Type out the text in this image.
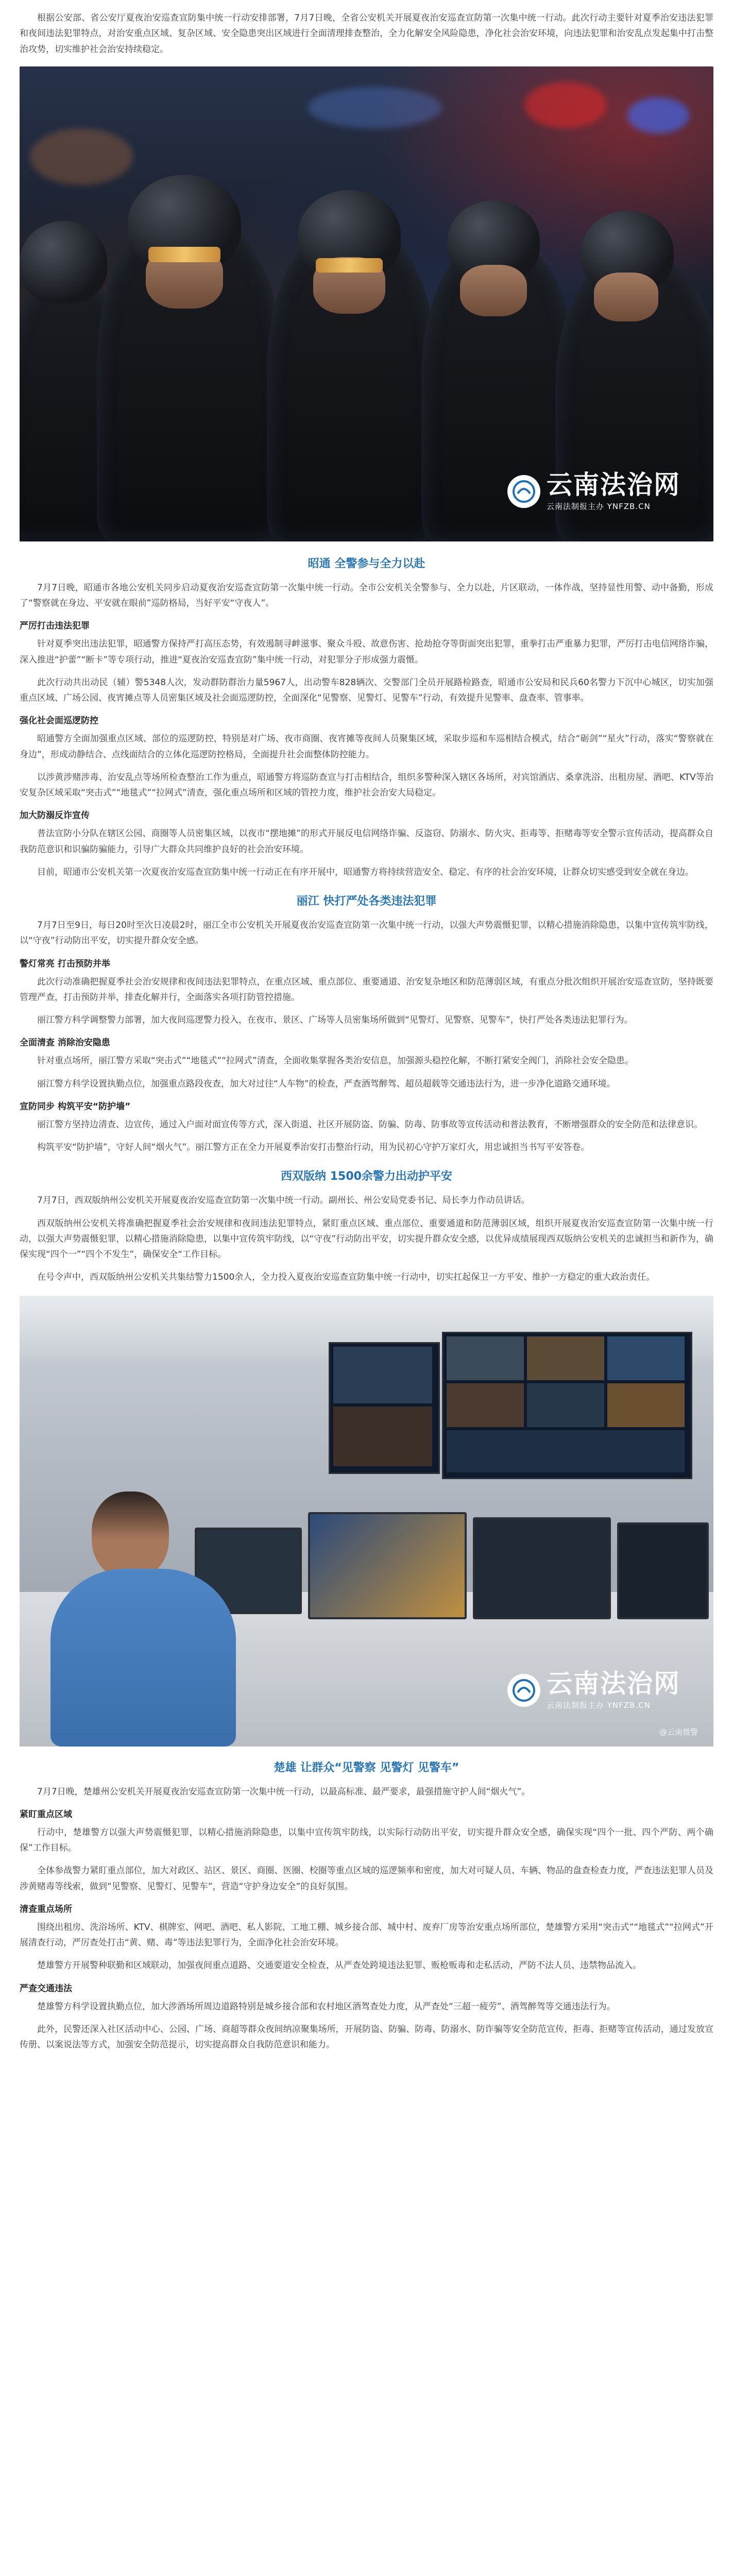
根据公安部、省公安厅夏夜治安巡查宣防集中统一行动安排部署，7月7日晚，全省公安机关开展夏夜治安巡查宣防第一次集中统一行动。此次行动主要针对夏季治安违法犯罪和夜间违法犯罪特点，对治安重点区域、复杂区域、安全隐患突出区域进行全面清理排查整治，全力化解安全风险隐患，净化社会治安环境，向违法犯罪和治安乱点发起集中打击整治攻势，切实维护社会治安持续稳定。

云南法治网
云南法制报主办 YNFZB.CN
昭通 全警参与全力以赴

7月7日晚，昭通市各地公安机关同步启动夏夜治安巡查宣防第一次集中统一行动。全市公安机关全警参与、全力以赴，片区联动，一体作战，坚持显性用警、动中备勤，形成了“警察就在身边、平安就在眼前”巡防格局，当好平安“守夜人”。

严厉打击违法犯罪

针对夏季突出违法犯罪，昭通警方保持严打高压态势，有效遏制寻衅滋事、聚众斗殴、故意伤害、抢劫抢夺等街面突出犯罪，重拳打击严重暴力犯罪，严厉打击电信网络诈骗，深入推进“护蕾”“断卡”等专项行动，推进“夏夜治安巡查宣防”集中统一行动，对犯罪分子形成强力震慑。

此次行动共出动民（辅）警5348人次，发动群防群治力量5967人，出动警车828辆次、交警部门全员开展路检路查，昭通市公安局和民兵60名警力下沉中心城区，切实加强重点区域、广场公园、夜宵摊点等人员密集区域及社会面巡逻防控，全面深化“见警察、见警灯、见警车”行动，有效提升见警率、盘查率、管事率。

强化社会面巡逻防控

昭通警方全面加强重点区域、部位的巡逻防控，特别是对广场、夜市商圈、夜宵摊等夜间人员聚集区域，采取步巡和车巡相结合模式，结合“砺剑”“星火”行动，落实“警察就在身边”，形成动静结合、点线面结合的立体化巡逻防控格局，全面提升社会面整体防控能力。

以涉黄涉赌涉毒、治安乱点等场所检查整治工作为重点，昭通警方将巡防查宣与打击相结合，组织多警种深入辖区各场所，对宾馆酒店、桑拿洗浴、出租房屋、酒吧、KTV等治安复杂区域采取“突击式”“地毯式”“拉网式”清查，强化重点场所和区域的管控力度，维护社会治安大局稳定。

加大防溺反诈宣传

普法宣防小分队在辖区公园、商圈等人员密集区域，以夜市“摆地摊”的形式开展反电信网络诈骗、反盗窃、防溺水、防火灾、拒毒等、拒赌毒等安全警示宣传活动，提高群众自我防范意识和识骗防骗能力，引导广大群众共同维护良好的社会治安环境。

目前，昭通市公安机关第一次夏夜治安巡查宣防集中统一行动正在有序开展中，昭通警方将持续营造安全、稳定、有序的社会治安环境，让群众切实感受到安全就在身边。

丽江 快打严处各类违法犯罪

7月7日至9日，每日20时至次日凌晨2时，丽江全市公安机关开展夏夜治安巡查宣防第一次集中统一行动，以强大声势震慑犯罪，以精心措施消除隐患，以集中宣传筑牢防线，以“守夜”行动防出平安，切实提升群众安全感。

警灯常亮 打击预防并举

此次行动准确把握夏季社会治安规律和夜间违法犯罪特点，在重点区域、重点部位、重要通道、治安复杂地区和防范薄弱区域，有重点分批次组织开展治安巡查宣防，坚持既要管理严查，打击预防并举，排查化解并行，全面落实各项打防管控措施。

丽江警方科学调整警力部署，加大夜间巡逻警力投入，在夜市、景区、广场等人员密集场所做到“见警灯、见警察、见警车”，快打严处各类违法犯罪行为。

全面清查 消除治安隐患

针对重点场所，丽江警方采取“突击式”“地毯式”“拉网式”清查，全面收集掌握各类治安信息，加强源头稳控化解，不断打紧安全阀门，消除社会安全隐患。

丽江警方科学设置执勤点位，加强重点路段夜查，加大对过往“人车物”的检查，严查酒驾醉驾、超员超载等交通违法行为，进一步净化道路交通环境。

宣防同步 构筑平安“防护墙”

丽江警方坚持边清查、边宣传，通过入户面对面宣传等方式，深入街道、社区开展防盗、防骗、防毒、防事故等宣传活动和普法教育，不断增强群众的安全防范和法律意识。

构筑平安“防护墙”，守好人间“烟火气”。丽江警方正在全力开展夏季治安打击整治行动，用为民初心守护万家灯火，用忠诚担当书写平安答卷。

西双版纳 1500余警力出动护平安

7月7日，西双版纳州公安机关开展夏夜治安巡查宣防第一次集中统一行动。副州长、州公安局党委书记、局长李力作动员讲话。

西双版纳州公安机关将准确把握夏季社会治安规律和夜间违法犯罪特点，紧盯重点区域、重点部位、重要通道和防范薄弱区域，组织开展夏夜治安巡查宣防第一次集中统一行动，以强大声势震慑犯罪，以精心措施消除隐患，以集中宣传筑牢防线，以“守夜”行动防出平安，切实提升群众安全感，以优异成绩展现西双版纳公安机关的忠诚担当和新作为，确保实现“四个一”“四个不发生”，确保安全“工作目标。

在号令声中，西双版纳州公安机关共集结警力1500余人，全力投入夏夜治安巡查宣防集中统一行动中，切实扛起保卫一方平安、维护一方稳定的重大政治责任。

云南法治网
云南法制报主办 YNFZB.CN
@云南微警
楚雄 让群众“见警察 见警灯 见警车”

7月7日晚，楚雄州公安机关开展夏夜治安巡查宣防第一次集中统一行动，以最高标准、最严要求，最强措施守护人间“烟火气”。

紧盯重点区域

行动中，楚雄警方以强大声势震慑犯罪，以精心措施消除隐患，以集中宣传筑牢防线，以实际行动防出平安，切实提升群众安全感，确保实现“四个一批、四个严防、两个确保”工作目标。

全体参战警力紧盯重点部位，加大对政区、站区、景区、商圈、医圈、校圈等重点区域的巡逻频率和密度，加大对可疑人员、车辆、物品的盘查检查力度，严查违法犯罪人员及涉黄赌毒等线索，做到“见警察、见警灯、见警车”，营造“守护身边安全”的良好氛围。

清查重点场所

围绕出租房、洗浴场所、KTV、棋牌室、网吧、酒吧、私人影院、工地工棚、城乡接合部、城中村、废弃厂房等治安重点场所部位，楚雄警方采用“突击式”“地毯式”“拉网式”开展清查行动，严厉查处打击“黄、赌、毒”等违法犯罪行为，全面净化社会治安环境。

楚雄警方开展警种联勤和区域联动，加强夜间重点道路、交通要道安全检查，从严查处跨境违法犯罪、贩枪贩毒和走私活动，严防不法人员、违禁物品流入。

严查交通违法

楚雄警方科学设置执勤点位，加大涉酒场所周边道路特别是城乡接合部和农村地区酒驾查处力度，从严查处“三超一疲劳”、酒驾醉驾等交通违法行为。

此外，民警还深入社区活动中心、公园、广场、商超等群众夜间纳凉聚集场所，开展防盗、防骗、防毒、防溺水、防诈骗等安全防范宣传，拒毒、拒赌等宣传活动，通过发放宣传册、以案说法等方式，加强安全防范提示，切实提高群众自我防范意识和能力。
